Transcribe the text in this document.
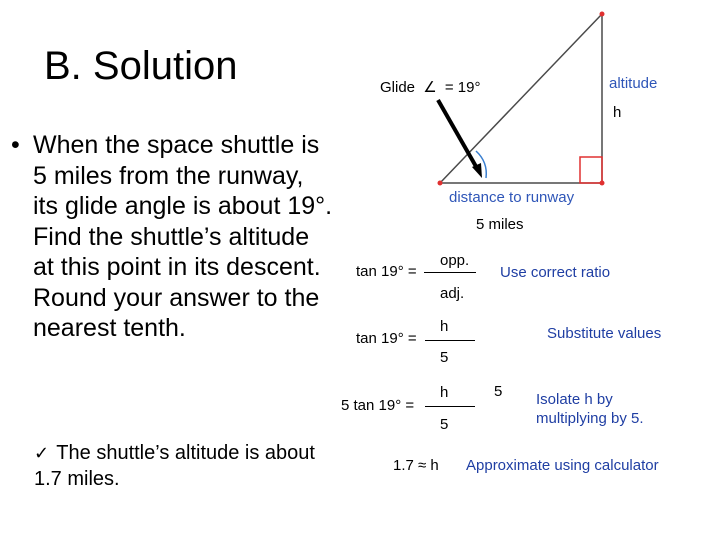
B. Solution
• When the space shuttle is 5 miles from the runway, its glide angle is about 19°. Find the shuttle’s altitude at this point in its descent. Round your answer to the nearest tenth.
✓ The shuttle’s altitude is about 1.7 miles.
Glide ∠ = 19°	altitude
h
distance to runway
5 miles
tan 19° =
opp.
adj.
Use correct ratio
tan 19° =
h
5
Substitute values
5 tan 19° =
h
5
5 Isolate h by
multiplying by 5.
1.7 ≈ h Approximate using calculator
